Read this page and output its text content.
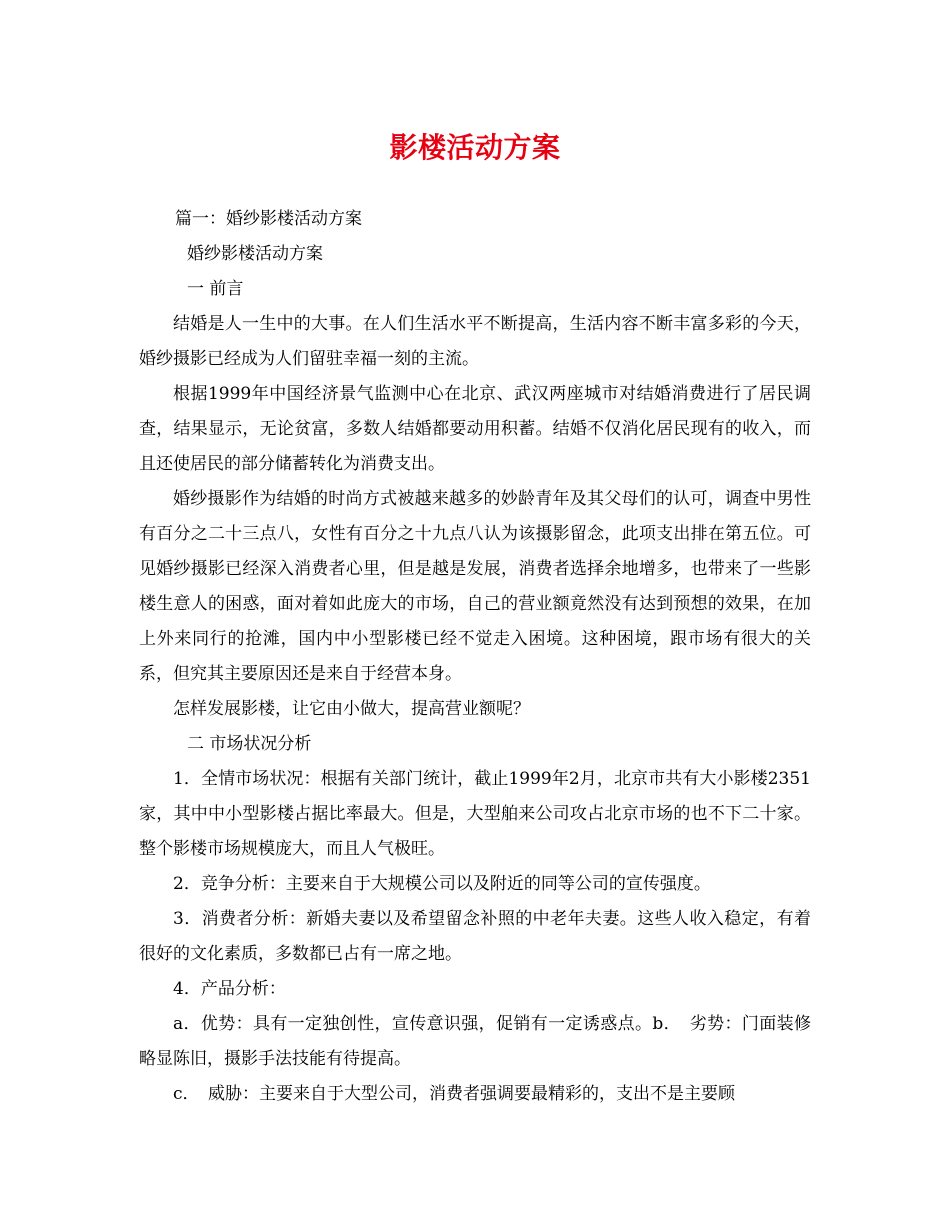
影楼活动方案

篇一：婚纱影楼活动方案

婚纱影楼活动方案

一 前言

结婚是人一生中的大事。在人们生活水平不断提高，生活内容不断丰富多彩的今天，婚纱摄影已经成为人们留驻幸福一刻的主流。

根据1999年中国经济景气监测中心在北京、武汉两座城市对结婚消费进行了居民调查，结果显示，无论贫富，多数人结婚都要动用积蓄。结婚不仅消化居民现有的收入，而且还使居民的部分储蓄转化为消费支出。

婚纱摄影作为结婚的时尚方式被越来越多的妙龄青年及其父母们的认可，调查中男性有百分之二十三点八，女性有百分之十九点八认为该摄影留念，此项支出排在第五位。可见婚纱摄影已经深入消费者心里，但是越是发展，消费者选择余地增多，也带来了一些影楼生意人的困惑，面对着如此庞大的市场，自己的营业额竟然没有达到预想的效果，在加上外来同行的抢滩，国内中小型影楼已经不觉走入困境。这种困境，跟市场有很大的关系，但究其主要原因还是来自于经营本身。

怎样发展影楼，让它由小做大，提高营业额呢？

二 市场状况分析

1．全情市场状况：根据有关部门统计，截止1999年2月，北京市共有大小影楼2351家，其中中小型影楼占据比率最大。但是，大型舶来公司攻占北京市场的也不下二十家。整个影楼市场规模庞大，而且人气极旺。

2．竞争分析：主要来自于大规模公司以及附近的同等公司的宣传强度。

3．消费者分析：新婚夫妻以及希望留念补照的中老年夫妻。这些人收入稳定，有着很好的文化素质，多数都已占有一席之地。

4．产品分析：

a．优势：具有一定独创性，宣传意识强，促销有一定诱惑点。b．　劣势：门面装修略显陈旧，摄影手法技能有待提高。

c．　威胁：主要来自于大型公司，消费者强调要最精彩的，支出不是主要顾
